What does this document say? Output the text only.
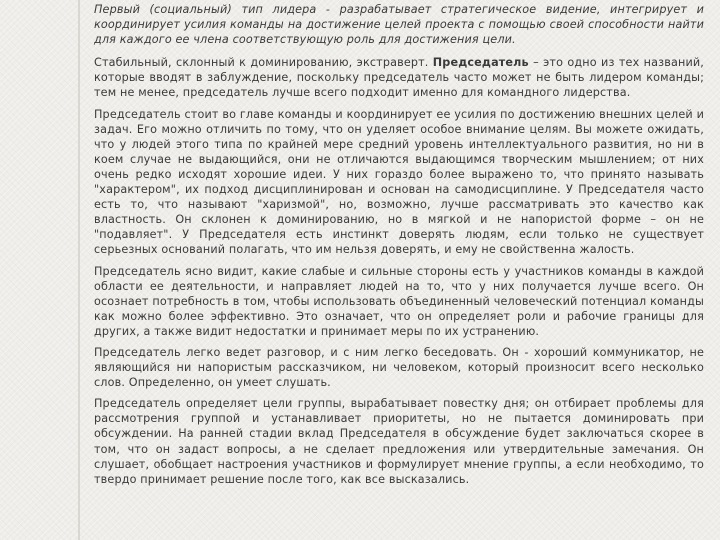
Первый (социальный) тип лидера - разрабатывает стратегическое видение, интегрирует и координирует усилия команды на достижение целей проекта с помощью своей способности найти для каждого ее члена соответствующую роль для достижения цели.

Стабильный, склонный к доминированию, экстраверт. Председатель – это одно из тех названий, которые вводят в заблуждение, поскольку председатель часто может не быть лидером команды; тем не менее, председатель лучше всего подходит именно для командного лидерства.

Председатель стоит во главе команды и координирует ее усилия по достижению внешних целей и задач. Его можно отличить по тому, что он уделяет особое внимание целям. Вы можете ожидать, что у людей этого типа по крайней мере средний уровень интеллектуального развития, но ни в коем случае не выдающийся, они не отличаются выдающимся творческим мышлением; от них очень редко исходят хорошие идеи. У них гораздо более выражено то, что принято называть "характером", их подход дисциплинирован и основан на самодисциплине. У Председателя часто есть то, что называют "харизмой", но, возможно, лучше рассматривать это качество как властность. Он склонен к доминированию, но в мягкой и не напористой форме – он не "подавляет". У Председателя есть инстинкт доверять людям, если только не существует серьезных оснований полагать, что им нельзя доверять, и ему не свойственна жалость.

Председатель ясно видит, какие слабые и сильные стороны есть у участников команды в каждой области ее деятельности, и направляет людей на то, что у них получается лучше всего. Он осознает потребность в том, чтобы использовать объединенный человеческий потенциал команды как можно более эффективно. Это означает, что он определяет роли и рабочие границы для других, а также видит недостатки и принимает меры по их устранению.

Председатель легко ведет разговор, и с ним легко беседовать. Он - хороший коммуникатор, не являющийся ни напористым рассказчиком, ни человеком, который произносит всего несколько слов. Определенно, он умеет слушать.

Председатель определяет цели группы, вырабатывает повестку дня; он отбирает проблемы для рассмотрения группой и устанавливает приоритеты, но не пытается доминировать при обсуждении. На ранней стадии вклад Председателя в обсуждение будет заключаться скорее в том, что он задаст вопросы, а не сделает предложения или утвердительные замечания. Он слушает, обобщает настроения участников и формулирует мнение группы, а если необходимо, то твердо принимает решение после того, как все высказались.
